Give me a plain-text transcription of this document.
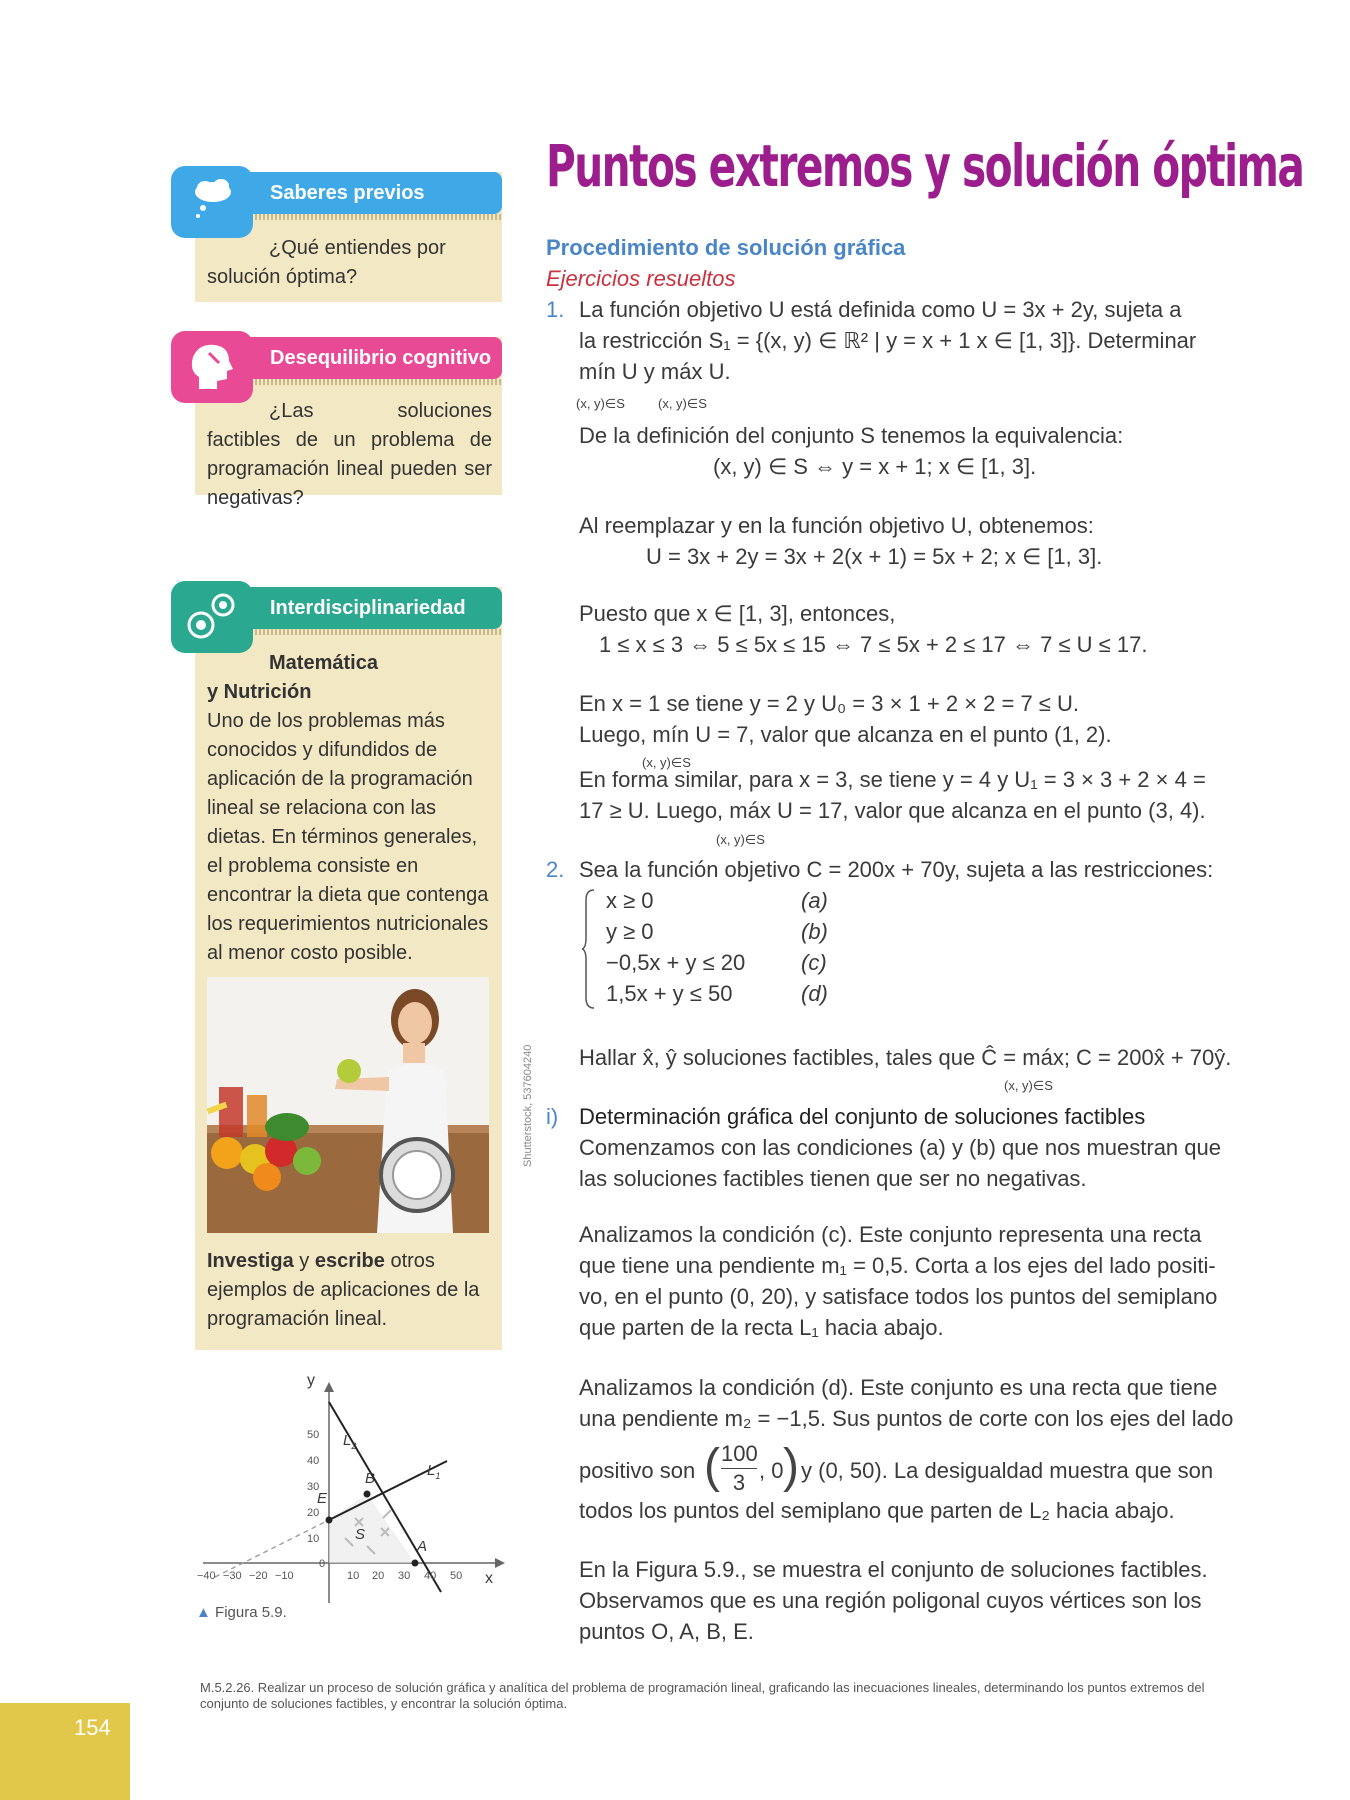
Puntos extremos y solución óptima
Saberes previos
¿Qué entiendes por solución óptima?
Desequilibrio cognitivo
¿Las soluciones factibles de un problema de programación lineal pueden ser negativas?
Interdisciplinariedad
Matemática
y Nutrición
Uno de los problemas más conocidos y difundidos de aplicación de la programación lineal se relaciona con las dietas. En términos generales, el problema consiste en encontrar la dieta que contenga los requerimientos nutricionales al menor costo posible.
Shutterstock, 537604240
Investiga y escribe otros ejemplos de aplicaciones de la programación lineal.
−40 −30 −20 −10
0
10 20 30 40 50
10
20
30
40
50
x
y
$L_2$
$L_1$
B
E
S
A
▲ Figura 5.9.
Procedimiento de solución gráfica
Ejercicios resueltos
1. La función objetivo U está definida como U = 3x + 2y, sujeta a
la restricción S₁ = {(x, y) ∈ ℝ² | y = x + 1 x ∈ [1, 3]}. Determinar
mín U y máx U.
(x, y)∈S	(x, y)∈S
De la definición del conjunto S tenemos la equivalencia:
(x, y) ∈ S ⇔ y = x + 1; x ∈ [1, 3].
Al reemplazar y en la función objetivo U, obtenemos:
U = 3x + 2y = 3x + 2(x + 1) = 5x + 2; x ∈ [1, 3].
Puesto que x ∈ [1, 3], entonces,
1 ≤ x ≤ 3 ⇔ 5 ≤ 5x ≤ 15 ⇔ 7 ≤ 5x + 2 ≤ 17 ⇔ 7 ≤ U ≤ 17.
En x = 1 se tiene y = 2 y U₀ = 3 × 1 + 2 × 2 = 7 ≤ U.
Luego, mín U = 7, valor que alcanza en el punto (1, 2).
(x, y)∈S
En forma similar, para x = 3, se tiene y = 4 y U₁ = 3 × 3 + 2 × 4 =
17 ≥ U. Luego, máx U = 17, valor que alcanza en el punto (3, 4).
(x, y)∈S
2. Sea la función objetivo C = 200x + 70y, sujeta a las restricciones:
x ≥ 0	(a)
y ≥ 0	(b)
−0,5x + y ≤ 20	(c)
1,5x + y ≤ 50	(d)
Hallar x̂, ŷ soluciones factibles, tales que Ĉ = máx; C = 200x̂ + 70ŷ.
(x, y)∈S
i) Determinación gráfica del conjunto de soluciones factibles
Comenzamos con las condiciones (a) y (b) que nos muestran que
las soluciones factibles tienen que ser no negativas.
Analizamos la condición (c). Este conjunto representa una recta
que tiene una pendiente m₁ = 0,5. Corta a los ejes del lado positi-
vo, en el punto (0, 20), y satisface todos los puntos del semiplano
que parten de la recta L₁ hacia abajo.
Analizamos la condición (d). Este conjunto es una recta que tiene
una pendiente m₂ = −1,5. Sus puntos de corte con los ejes del lado
positivo son ( 100
3 , 0 ) y (0, 50). La desigualdad muestra que son
todos los puntos del semiplano que parten de L₂ hacia abajo.
En la Figura 5.9., se muestra el conjunto de soluciones factibles.
Observamos que es una región poligonal cuyos vértices son los
puntos O, A, B, E.
M.5.2.26. Realizar un proceso de solución gráfica y analítica del problema de programación lineal, graficando las inecuaciones lineales, determinando los puntos extremos del conjunto de soluciones factibles, y encontrar la solución óptima.
154
